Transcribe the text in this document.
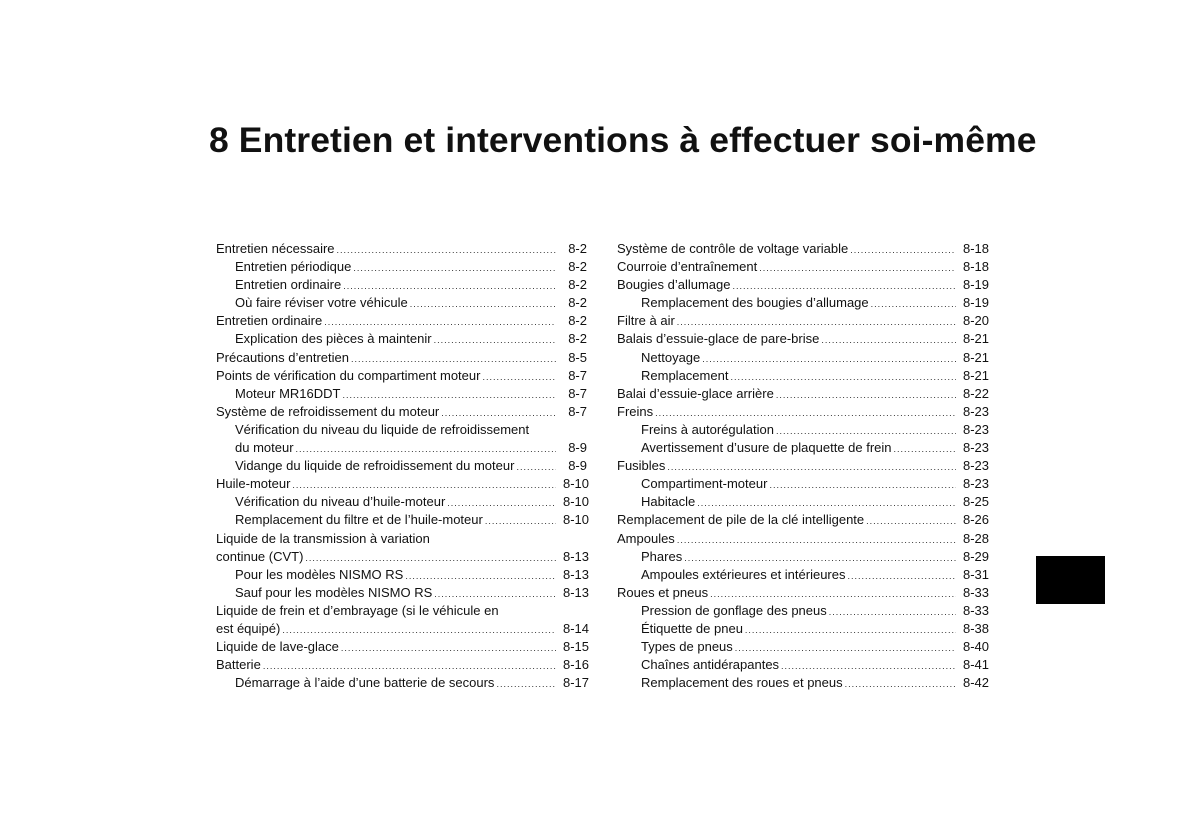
8 Entretien et interventions à effectuer soi-même
Entretien nécessaire .....	8-2
Entretien périodique .....	8-2
Entretien ordinaire .....	8-2
Où faire réviser votre véhicule .....	8-2
Entretien ordinaire .....	8-2
Explication des pièces à maintenir .....	8-2
Précautions d’entretien .....	8-5
Points de vérification du compartiment moteur .....	8-7
Moteur MR16DDT .....	8-7
Système de refroidissement du moteur .....	8-7
Vérification du niveau du liquide de refroidissement
du moteur .....	8-9
Vidange du liquide de refroidissement du moteur .....	8-9
Huile-moteur .....	8-10
Vérification du niveau d’huile-moteur .....	8-10
Remplacement du filtre et de l’huile-moteur .....	8-10
Liquide de la transmission à variation
continue (CVT) .....	8-13
Pour les modèles NISMO RS .....	8-13
Sauf pour les modèles NISMO RS .....	8-13
Liquide de frein et d’embrayage (si le véhicule en
est équipé) .....	8-14
Liquide de lave-glace .....	8-15
Batterie .....	8-16
Démarrage à l’aide d’une batterie de secours .....	8-17
Système de contrôle de voltage variable .....	8-18
Courroie d’entraînement .....	8-18
Bougies d’allumage .....	8-19
Remplacement des bougies d’allumage .....	8-19
Filtre à air .....	8-20
Balais d’essuie-glace de pare-brise .....	8-21
Nettoyage .....	8-21
Remplacement .....	8-21
Balai d’essuie-glace arrière .....	8-22
Freins .....	8-23
Freins à autorégulation .....	8-23
Avertissement d’usure de plaquette de frein .....	8-23
Fusibles .....	8-23
Compartiment-moteur .....	8-23
Habitacle .....	8-25
Remplacement de pile de la clé intelligente .....	8-26
Ampoules .....	8-28
Phares .....	8-29
Ampoules extérieures et intérieures .....	8-31
Roues et pneus .....	8-33
Pression de gonflage des pneus .....	8-33
Étiquette de pneu .....	8-38
Types de pneus .....	8-40
Chaînes antidérapantes .....	8-41
Remplacement des roues et pneus .....	8-42
